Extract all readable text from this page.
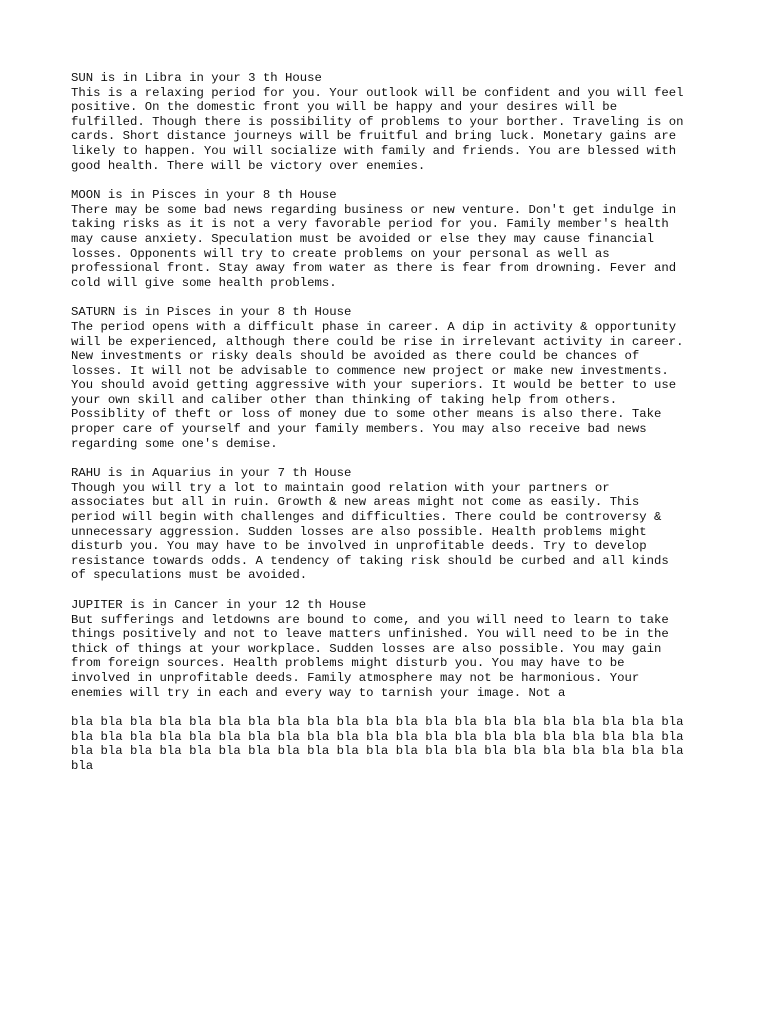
SUN is in Libra in your 3 th House

This is a relaxing period for you. Your outlook will be confident and you will feel
positive. On the domestic front you will be happy and your desires will be
fulfilled. Though there is possibility of problems to your borther. Traveling is on
cards. Short distance journeys will be fruitful and bring luck. Monetary gains are
likely to happen. You will socialize with family and friends. You are blessed with
good health. There will be victory over enemies.

MOON is in Pisces in your 8 th House

There may be some bad news regarding business or new venture. Don't get indulge in
taking risks as it is not a very favorable period for you. Family member's health
may cause anxiety. Speculation must be avoided or else they may cause financial
losses. Opponents will try to create problems on your personal as well as
professional front. Stay away from water as there is fear from drowning. Fever and
cold will give some health problems.

SATURN is in Pisces in your 8 th House

The period opens with a difficult phase in career. A dip in activity & opportunity
will be experienced, although there could be rise in irrelevant activity in career.
New investments or risky deals should be avoided as there could be chances of
losses. It will not be advisable to commence new project or make new investments.
You should avoid getting aggressive with your superiors. It would be better to use
your own skill and caliber other than thinking of taking help from others.
Possiblity of theft or loss of money due to some other means is also there. Take
proper care of yourself and your family members. You may also receive bad news
regarding some one's demise.

RAHU is in Aquarius in your 7 th House

Though you will try a lot to maintain good relation with your partners or
associates but all in ruin. Growth & new areas might not come as easily. This
period will begin with challenges and difficulties. There could be controversy &
unnecessary aggression. Sudden losses are also possible. Health problems might
disturb you. You may have to be involved in unprofitable deeds. Try to develop
resistance towards odds. A tendency of taking risk should be curbed and all kinds
of speculations must be avoided.

JUPITER is in Cancer in your 12 th House

But sufferings and letdowns are bound to come, and you will need to learn to take
things positively and not to leave matters unfinished. You will need to be in the
thick of things at your workplace. Sudden losses are also possible. You may gain
from foreign sources. Health problems might disturb you. You may have to be
involved in unprofitable deeds. Family atmosphere may not be harmonious. Your
enemies will try in each and every way to tarnish your image. Not a

bla bla bla bla bla bla bla bla bla bla bla bla bla bla bla bla bla bla bla bla bla
bla bla bla bla bla bla bla bla bla bla bla bla bla bla bla bla bla bla bla bla bla
bla bla bla bla bla bla bla bla bla bla bla bla bla bla bla bla bla bla bla bla bla
bla
